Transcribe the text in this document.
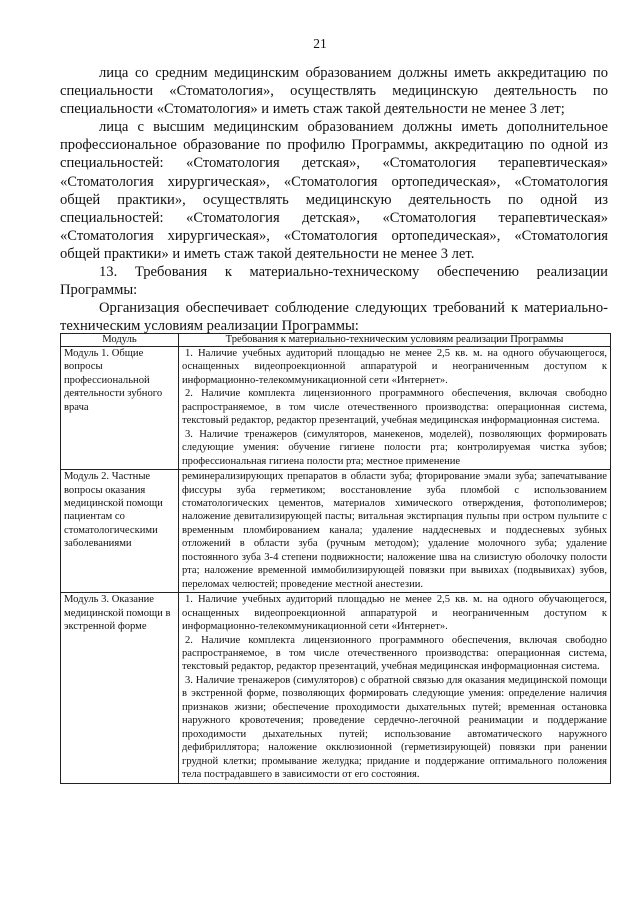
21

лица со средним медицинским образованием должны иметь аккредитацию по специальности «Стоматология», осуществлять медицинскую деятельность по специальности «Стоматология» и иметь стаж такой деятельности не менее 3 лет;

лица с высшим медицинским образованием должны иметь дополнительное профессиональное образование по профилю Программы, аккредитацию по одной из специальностей: «Стоматология детская», «Стоматология терапевтическая» «Стоматология хирургическая», «Стоматология ортопедическая», «Стоматология общей практики», осуществлять медицинскую деятельность по одной из специальностей: «Стоматология детская», «Стоматология терапевтическая» «Стоматология хирургическая», «Стоматология ортопедическая», «Стоматология общей практики» и иметь стаж такой деятельности не менее 3 лет.

13. Требования к материально-техническому обеспечению реализации Программы:

Организация обеспечивает соблюдение следующих требований к материально-техническим условиям реализации Программы:

Модуль	Требования к материально-техническим условиям реализации Программы
Модуль 1. Общие вопросы профессиональной деятельности зубного врача	1. Наличие учебных аудиторий площадью не менее 2,5 кв. м. на одного обучающегося, оснащенных видеопроекционной аппаратурой и неограниченным доступом к информационно-телекоммуникационной сети «Интернет».

2. Наличие комплекта лицензионного программного обеспечения, включая свободно распространяемое, в том числе отечественного производства: операционная система, текстовый редактор, редактор презентаций, учебная медицинская информационная система.

3. Наличие тренажеров (симуляторов, манекенов, моделей), позволяющих формировать следующие умения: обучение гигиене полости рта; контролируемая чистка зубов; профессиональная гигиена полости рта; местное применение

Модуль 2. Частные вопросы оказания медицинской помощи пациентам со стоматологическими заболеваниями	реминерализирующих препаратов в области зуба; фторирование эмали зуба; запечатывание фиссуры зуба герметиком; восстановление зуба пломбой с использованием стоматологических цементов, материалов химического отверждения, фотополимеров; наложение девитализирующей пасты; витальная экстирпация пульпы при остром пульпите с временным пломбированием канала; удаление наддесневых и поддесневых зубных отложений в области зуба (ручным методом); удаление молочного зуба; удаление постоянного зуба 3-4 степени подвижности; наложение шва на слизистую оболочку полости рта; наложение временной иммобилизирующей повязки при вывихах (подвывихах) зубов, переломах челюстей; проведение местной анестезии.

Модуль 3. Оказание медицинской помощи в экстренной форме	1. Наличие учебных аудиторий площадью не менее 2,5 кв. м. на одного обучающегося, оснащенных видеопроекционной аппаратурой и неограниченным доступом к информационно-телекоммуникационной сети «Интернет».

2. Наличие комплекта лицензионного программного обеспечения, включая свободно распространяемое, в том числе отечественного производства: операционная система, текстовый редактор, редактор презентаций, учебная медицинская информационная система.

3. Наличие тренажеров (симуляторов) с обратной связью для оказания медицинской помощи в экстренной форме, позволяющих формировать следующие умения: определение наличия признаков жизни; обеспечение проходимости дыхательных путей; временная остановка наружного кровотечения; проведение сердечно-легочной реанимации и поддержание проходимости дыхательных путей; использование автоматического наружного дефибриллятора; наложение окклюзионной (герметизирующей) повязки при ранении грудной клетки; промывание желудка; придание и поддержание оптимального положения тела пострадавшего в зависимости от его состояния.
